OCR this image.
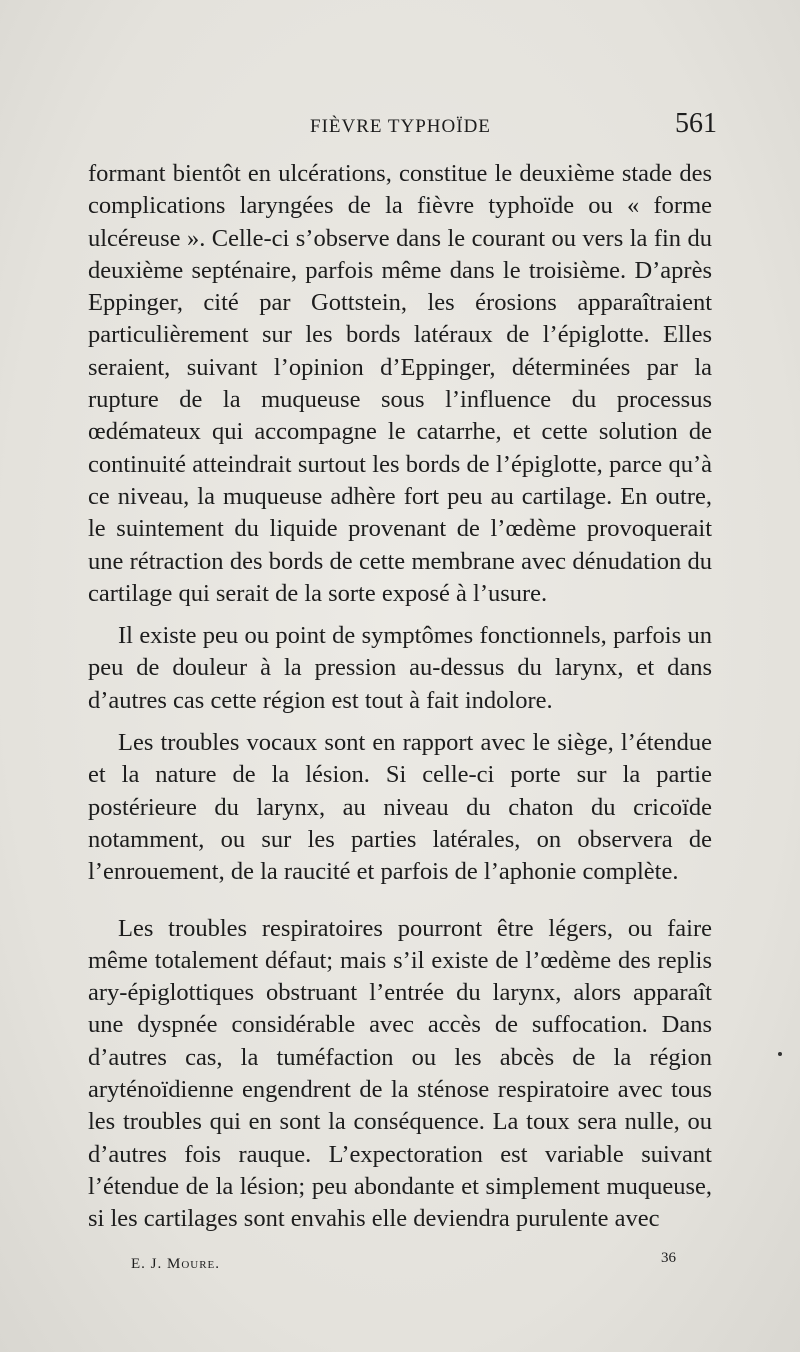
FIÈVRE TYPHOÏDE	561

formant bientôt en ulcérations, constitue le deuxième stade des complications laryngées de la fièvre typhoïde ou « forme ulcéreuse ». Celle-ci s’observe dans le courant ou vers la fin du deuxième septénaire, parfois même dans le troisième. D’après Eppinger, cité par Gottstein, les érosions apparaîtraient particulièrement sur les bords latéraux de l’épiglotte. Elles seraient, suivant l’opinion d’Eppinger, déterminées par la rupture de la muqueuse sous l’influence du processus œdémateux qui accompagne le catarrhe, et cette solution de continuité atteindrait surtout les bords de l’épiglotte, parce qu’à ce niveau, la muqueuse adhère fort peu au cartilage. En outre, le suintement du liquide provenant de l’œdème provoquerait une rétraction des bords de cette membrane avec dénudation du cartilage qui serait de la sorte exposé à l’usure.

Il existe peu ou point de symptômes fonctionnels, parfois un peu de douleur à la pression au-dessus du larynx, et dans d’autres cas cette région est tout à fait indolore.

Les troubles vocaux sont en rapport avec le siège, l’étendue et la nature de la lésion. Si celle-ci porte sur la partie postérieure du larynx, au niveau du chaton du cricoïde notamment, ou sur les parties latérales, on observera de l’enrouement, de la raucité et parfois de l’aphonie complète.

Les troubles respiratoires pourront être légers, ou faire même totalement défaut; mais s’il existe de l’œdème des replis ary-épiglottiques obstruant l’entrée du larynx, alors apparaît une dyspnée considérable avec accès de suffocation. Dans d’autres cas, la tuméfaction ou les abcès de la région aryténoïdienne engendrent de la sténose respiratoire avec tous les troubles qui en sont la conséquence. La toux sera nulle, ou d’autres fois rauque. L’expectoration est variable suivant l’étendue de la lésion; peu abondante et simplement muqueuse, si les cartilages sont envahis elle deviendra purulente avec

E. J. Moure.	36
